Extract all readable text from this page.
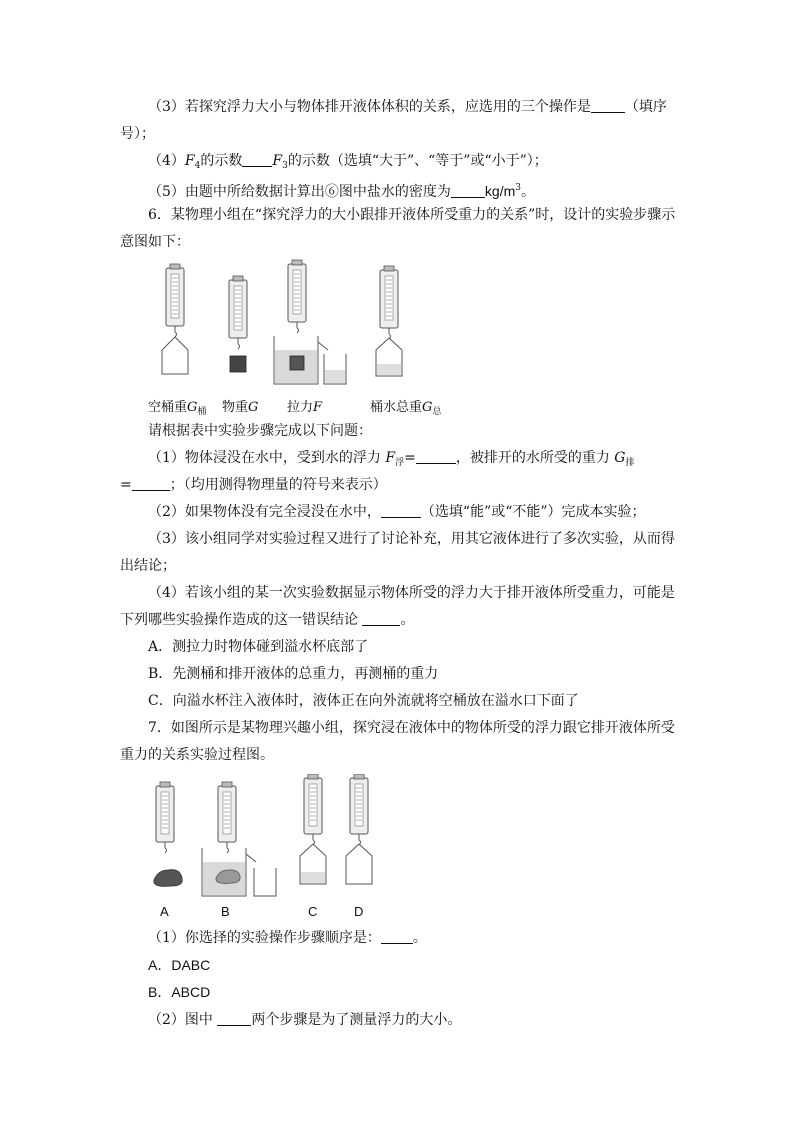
（3）若探究浮力大小与物体排开液体体积的关系，应选用的三个操作是 （填序
号）；
$(4)F_4$的示数 $F_3$的示数（选填“大于”、“等于”或“小于”）；
（5）由题中所给数据计算出⑥图中盐水的密度为 $kg/m^3$。
6．某物理小组在“探究浮力的大小跟排开液体所受重力的关系”时，设计的实验步骤示
意图如下：
空桶重$G_桶$ 物重G 拉力F	桶水总重$G_总$
请根据表中实验步骤完成以下问题：
（1）物体浸没在水中，受到水的浮力 $F_浮=$	，被排开的水所受的重力 $G_排$
=	；（均用测得物理量的符号来表示）
（2）如果物体没有完全浸没在水中，	（选填“能”或“不能”）完成本实验；
（3）该小组同学对实验过程又进行了讨论补充，用其它液体进行了多次实验，从而得
出结论；
（4）若该小组的某一次实验数据显示物体所受的浮力大于排开液体所受重力，可能是
下列哪些实验操作造成的这一错误结论	。
A．测拉力时物体碰到溢水杯底部了
B．先测桶和排开液体的总重力，再测桶的重力
C．向溢水杯注入液体时，液体正在向外流就将空桶放在溢水口下面了
7．如图所示是某物理兴趣小组，探究浸在液体中的物体所受的浮力跟它排开液体所受
重力的关系实验过程图。
A	B	C	D
（1）你选择的实验操作步骤顺序是： 。
A．DABC
B．ABCD
（2）图中	两个步骤是为了测量浮力的大小。
